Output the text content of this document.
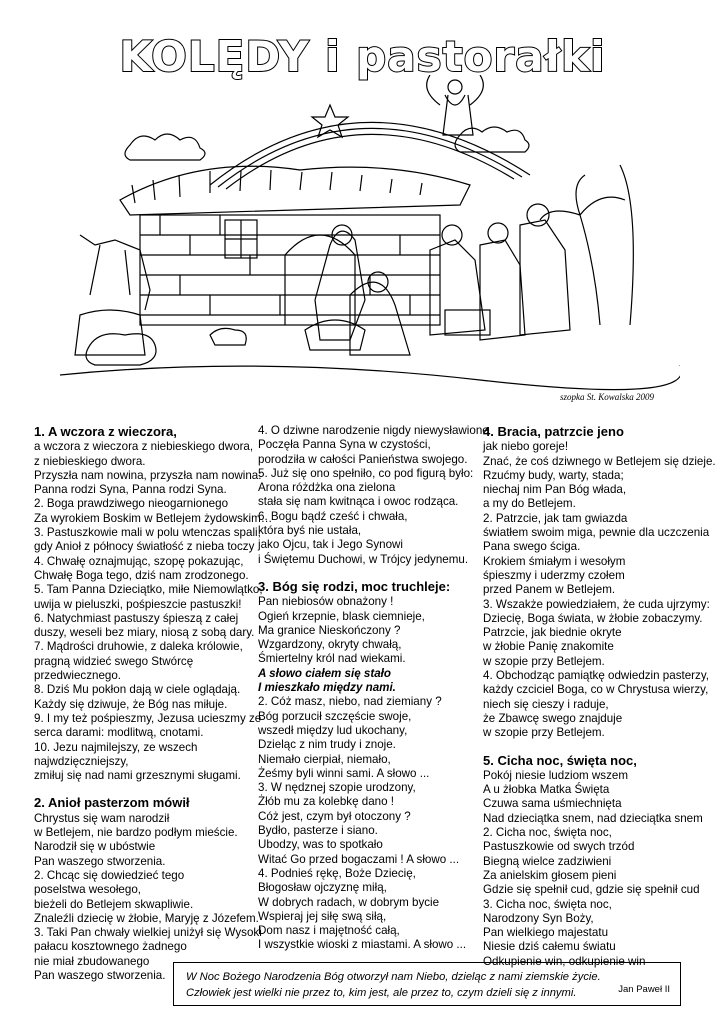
KOLĘDY i pastorałki
szopka St. Kowalska 2009
1. A wczora z wieczora,
a wczora z wieczora z niebieskiego dwora,
z niebieskiego dwora.
Przyszła nam nowina, przyszła nam nowina:
Panna rodzi Syna, Panna rodzi Syna.
2. Boga prawdziwego nieogarnionego
Za wyrokiem Boskim w Betlejem żydowskim…
3. Pastuszkowie mali w polu wtenczas spali,
gdy Anioł z północy światłość z nieba toczy
4. Chwałę oznajmując, szopę pokazując,
Chwałę Boga tego, dziś nam zrodzonego.
5. Tam Panna Dzieciątko, miłe Niemowlątko,
uwija w pieluszki, pośpieszcie pastuszki!
6. Natychmiast pastuszy śpieszą z całej
duszy, weseli bez miary, niosą z sobą dary.
7. Mądrości druhowie, z daleka królowie,
pragną widzieć swego Stwórcę
przedwiecznego.
8. Dziś Mu pokłon dają w ciele oglądają.
Każdy się dziwuje, że Bóg nas miłuje.
9. I my też pośpieszmy, Jezusa ucieszmy ze
serca darami: modlitwą, cnotami.
10. Jezu najmilejszy, ze wszech
najwdzięczniejszy,
zmiłuj się nad nami grzesznymi sługami.
2. Anioł pasterzom mówił
Chrystus się wam narodził
w Betlejem, nie bardzo podłym mieście.
Narodził się w ubóstwie
Pan waszego stworzenia.
2. Chcąc się dowiedzieć tego
poselstwa wesołego,
bieżeli do Betlejem skwapliwie.
Znaleźli dziecię w żłobie, Maryję z Józefem.
3. Taki Pan chwały wielkiej uniżył się Wysoki
pałacu kosztownego żadnego
nie miał zbudowanego
Pan waszego stworzenia.
4. O dziwne narodzenie nigdy niewysławione
Poczęła Panna Syna w czystości,
porodziła w całości Panieństwa swojego.
5. Już się ono spełniło, co pod figurą było:
Arona różdżka ona zielona
stała się nam kwitnąca i owoc rodząca.
6. Bogu bądź cześć i chwała,
która byś nie ustała,
jako Ojcu, tak i Jego Synowi
i Świętemu Duchowi, w Trójcy jedynemu.
3. Bóg się rodzi, moc truchleje:
Pan niebiosów obnażony !
Ogień krzepnie, blask ciemnieje,
Ma granice Nieskończony ?
Wzgardzony, okryty chwałą,
Śmiertelny król nad wiekami.
A słowo ciałem się stało
I mieszkało między nami.
2. Cóż masz, niebo, nad ziemiany ?
Bóg porzucił szczęście swoje,
wszedł między lud ukochany,
Dzieląc z nim trudy i znoje.
Niemało cierpiał, niemało,
Żeśmy byli winni sami. A słowo ...
3. W nędznej szopie urodzony,
Żłób mu za kolebkę dano !
Cóż jest, czym był otoczony ?
Bydło, pasterze i siano.
Ubodzy, was to spotkało
Witać Go przed bogaczami ! A słowo ...
4. Podnieś rękę, Boże Dziecię,
Błogosław ojczyznę miłą,
W dobrych radach, w dobrym bycie
Wspieraj jej siłę swą siłą,
Dom nasz i majętność całą,
I wszystkie wioski z miastami. A słowo ...
4. Bracia, patrzcie jeno
jak niebo goreje!
Znać, że coś dziwnego w Betlejem się dzieje.
Rzućmy budy, warty, stada;
niechaj nim Pan Bóg włada,
a my do Betlejem.
2. Patrzcie, jak tam gwiazda
światłem swoim miga, pewnie dla uczczenia
Pana swego ściga.
Krokiem śmiałym i wesołym
śpieszmy i uderzmy czołem
przed Panem w Betlejem.
3. Wszakże powiedziałem, że cuda ujrzymy:
Dziecię, Boga świata, w żłobie zobaczymy.
Patrzcie, jak biednie okryte
w żłobie Panię znakomite
w szopie przy Betlejem.
4. Obchodząc pamiątkę odwiedzin pasterzy,
każdy czciciel Boga, co w Chrystusa wierzy,
niech się cieszy i raduje,
że Zbawcę swego znajduje
w szopie przy Betlejem.
5. Cicha noc, święta noc,
Pokój niesie ludziom wszem
A u żłobka Matka Święta
Czuwa sama uśmiechnięta
Nad dzieciątka snem, nad dzieciątka snem
2. Cicha noc, święta noc,
Pastuszkowie od swych trzód
Biegną wielce zadziwieni
Za anielskim głosem pieni
Gdzie się spełnił cud, gdzie się spełnił cud
3. Cicha noc, święta noc,
Narodzony Syn Boży,
Pan wielkiego majestatu
Niesie dziś całemu światu
Odkupienie win, odkupienie win
W Noc Bożego Narodzenia Bóg otworzył nam Niebo, dzieląc z nami ziemskie życie.
Człowiek jest wielki nie przez to, kim jest, ale przez to, czym dzieli się z innymi.	Jan Paweł II
